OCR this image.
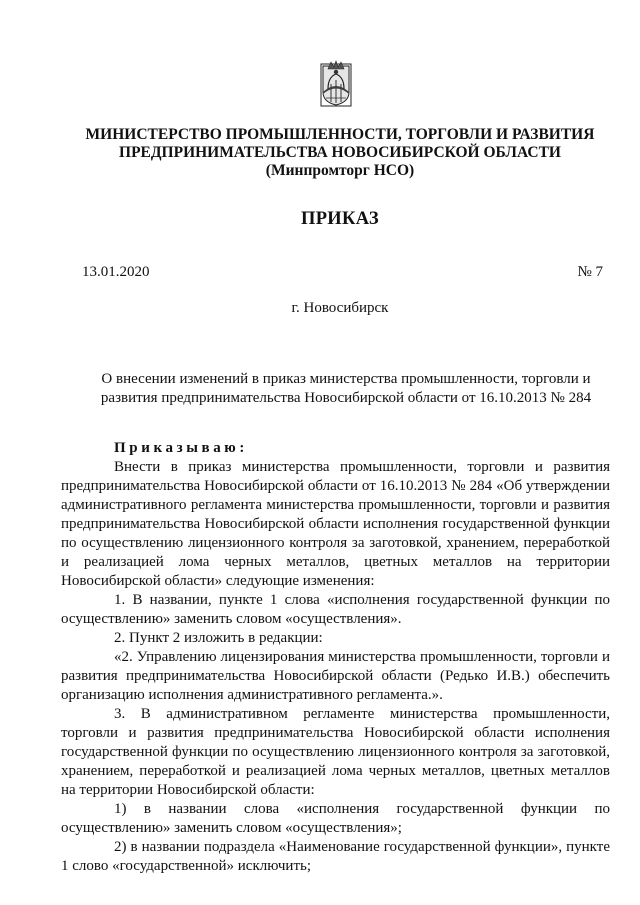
МИНИСТЕРСТВО ПРОМЫШЛЕННОСТИ, ТОРГОВЛИ И РАЗВИТИЯ
ПРЕДПРИНИМАТЕЛЬСТВА НОВОСИБИРСКОЙ ОБЛАСТИ
(Минпромторг НСО)
ПРИКАЗ
13.01.2020	№ 7
г. Новосибирск
О внесении изменений в приказ министерства промышленности, торговли и развития предпринимательства Новосибирской области от 16.10.2013 № 284

Приказываю:

Внести в приказ министерства промышленности, торговли и развития предпринимательства Новосибирской области от 16.10.2013 № 284 «Об утверждении административного регламента министерства промышленности, торговли и развития предпринимательства Новосибирской области исполнения государственной функции по осуществлению лицензионного контроля за заготовкой, хранением, переработкой и реализацией лома черных металлов, цветных металлов на территории Новосибирской области» следующие изменения:

1. В названии, пункте 1 слова «исполнения государственной функции по осуществлению» заменить словом «осуществления».

2. Пункт 2 изложить в редакции:

«2. Управлению лицензирования министерства промышленности, торговли и развития предпринимательства Новосибирской области (Редько И.В.) обеспечить организацию исполнения административного регламента.».

3. В административном регламенте министерства промышленности, торговли и развития предпринимательства Новосибирской области исполнения государственной функции по осуществлению лицензионного контроля за заготовкой, хранением, переработкой и реализацией лома черных металлов, цветных металлов на территории Новосибирской области:

1) в названии слова «исполнения государственной функции по осуществлению» заменить словом «осуществления»;

2) в названии подраздела «Наименование государственной функции», пункте 1 слово «государственной» исключить;
